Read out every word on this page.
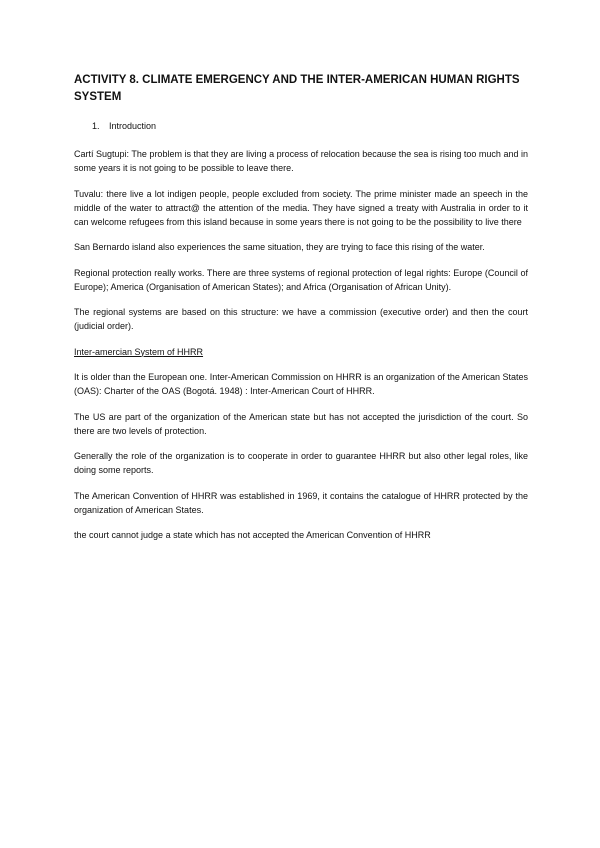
ACTIVITY 8. CLIMATE EMERGENCY AND THE INTER-AMERICAN HUMAN RIGHTS SYSTEM
1.	Introduction

Cartí Sugtupi: The problem is that they are living a process of relocation because the sea is rising too much and in some years it is not going to be possible to leave there.

Tuvalu: there live a lot indigen people, people excluded from society. The prime minister made an speech in the middle of the water to attract@ the attention of the media. They have signed a treaty with Australia in order to it can welcome refugees from this island because in some years there is not going to be the possibility to live there

San Bernardo island also experiences the same situation, they are trying to face this rising of the water.

Regional protection really works. There are three systems of regional protection of legal rights: Europe (Council of Europe); America (Organisation of American States); and Africa (Organisation of African Unity).

The regional systems are based on this structure: we have a commission (executive order) and then the court (judicial order).

Inter-amercian System of HHRR

It is older than the European one. Inter-American Commission on HHRR is an organization of the American States (OAS): Charter of the OAS (Bogotá. 1948) : Inter-American Court of HHRR.

The US are part of the organization of the American state but has not accepted the jurisdiction of the court. So there are two levels of protection.

Generally the role of the organization is to cooperate in order to guarantee HHRR but also other legal roles, like doing some reports.

The American Convention of HHRR was established in 1969, it contains the catalogue of HHRR protected by the organization of American States.

the court cannot judge a state which has not accepted the American Convention of HHRR
